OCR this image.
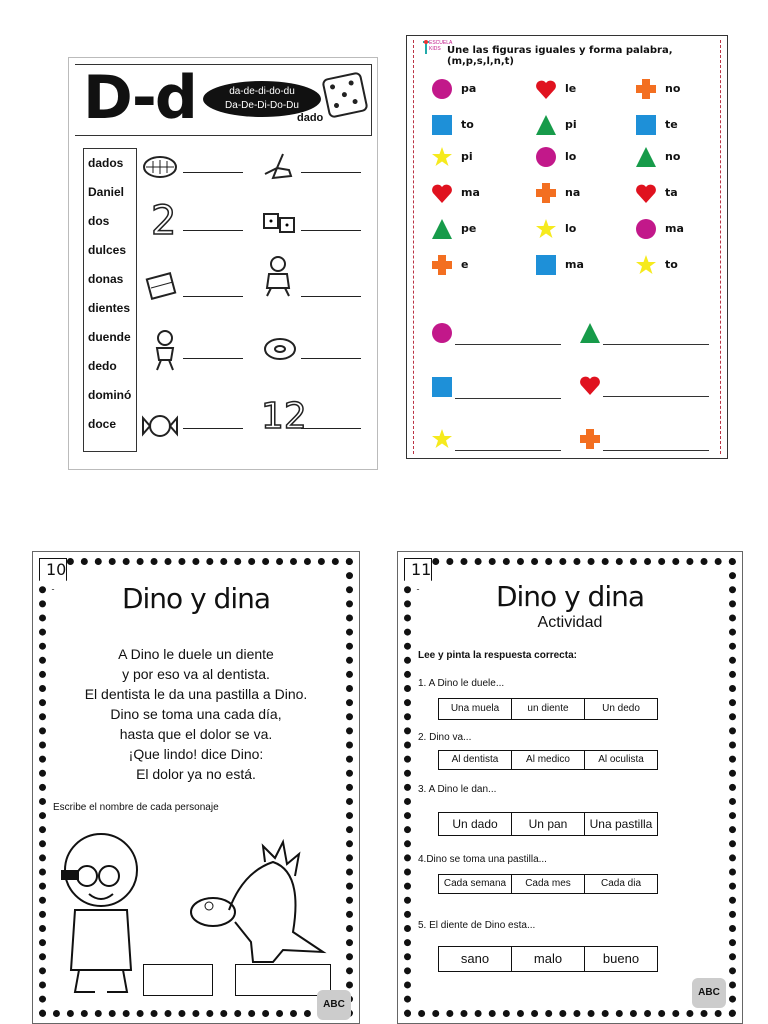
D-d	da-de-di-do-du
Da-De-Di-Do-Du
dado
dados
Daniel
dos
dulces
donas
dientes
duende
dedo
dominó
doce
2
12
ESCUELA KIDS Une las figuras iguales y forma palabra, (m,p,s,l,n,t)
pa	le	no
to	pi	te
pi	lo	no
ma	na	ta
pe	lo	ma
e	ma	to
10
Dino y dina
A Dino le duele un diente
y por eso va al dentista.
El dentista le da una pastilla a Dino.
Dino se toma una cada día,
hasta que el dolor se va.
¡Que lindo! dice Dino:
El dolor ya no está.
Escribe el nombre de cada personaje
ABC
11
Dino y dina
Actividad
Lee y pinta la respuesta correcta:
1. A Dino le duele...
Una muela	un diente	Un dedo
2. Dino va...
Al dentista	Al medico	Al oculista
3. A Dino le dan...
Un dado	Un pan	Una pastilla
4.Dino se toma una pastilla...
Cada semana	Cada mes	Cada dia
5. El diente de Dino esta...
sano	malo	bueno
ABC
